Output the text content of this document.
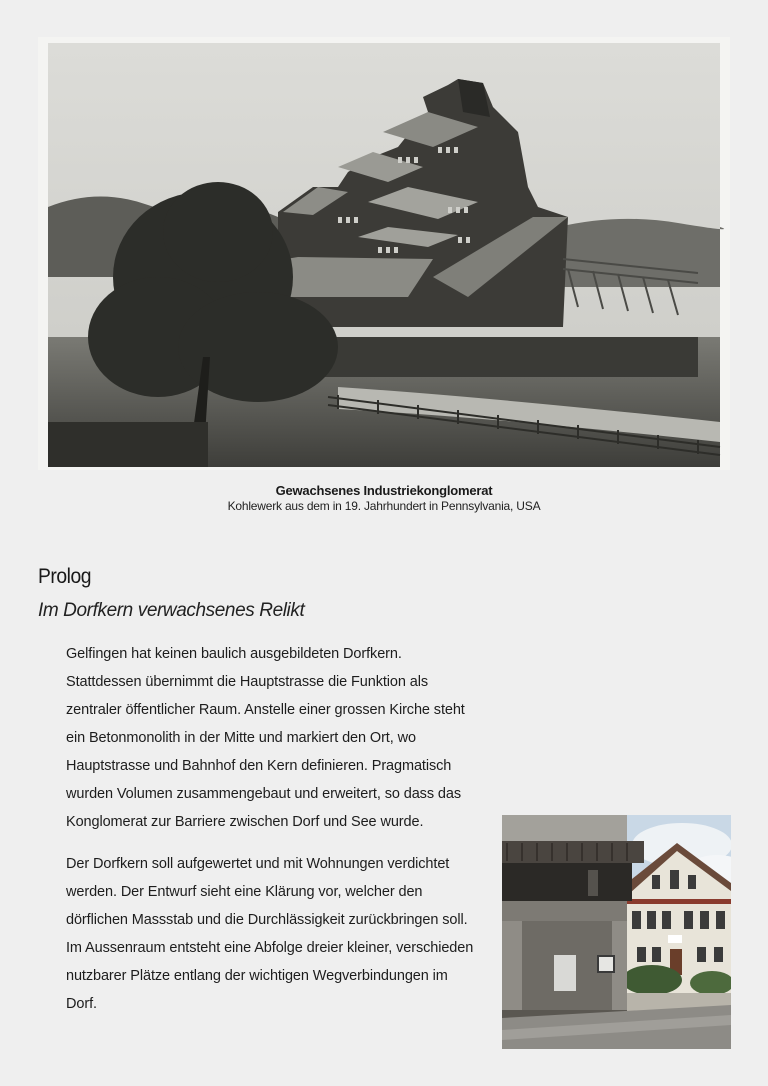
Gewachsenes Industriekonglomerat
Kohlewerk aus dem in 19. Jahrhundert in Pennsylvania, USA
Prolog
Im Dorfkern verwachsenes Relikt

Gelfingen hat keinen baulich ausgebildeten Dorfkern. Stattdessen übernimmt die Hauptstrasse die Funktion als zentraler öffentlicher Raum. Anstelle einer grossen Kirche steht ein Betonmonolith in der Mitte und markiert den Ort, wo Hauptstrasse und Bahnhof den Kern definieren. Pragmatisch wurden Volumen zusammengebaut und erweitert, so dass das Konglomerat zur Barriere zwischen Dorf und See wurde.

Der Dorfkern soll aufgewertet und mit Wohnungen verdichtet werden. Der Entwurf sieht eine Klärung vor, welcher den dörflichen Massstab und die Durchlässigkeit zurückbringen soll. Im Aussenraum entsteht eine Abfolge dreier kleiner, verschieden nutzbarer Plätze entlang der wichtigen Wegverbindungen im Dorf.
